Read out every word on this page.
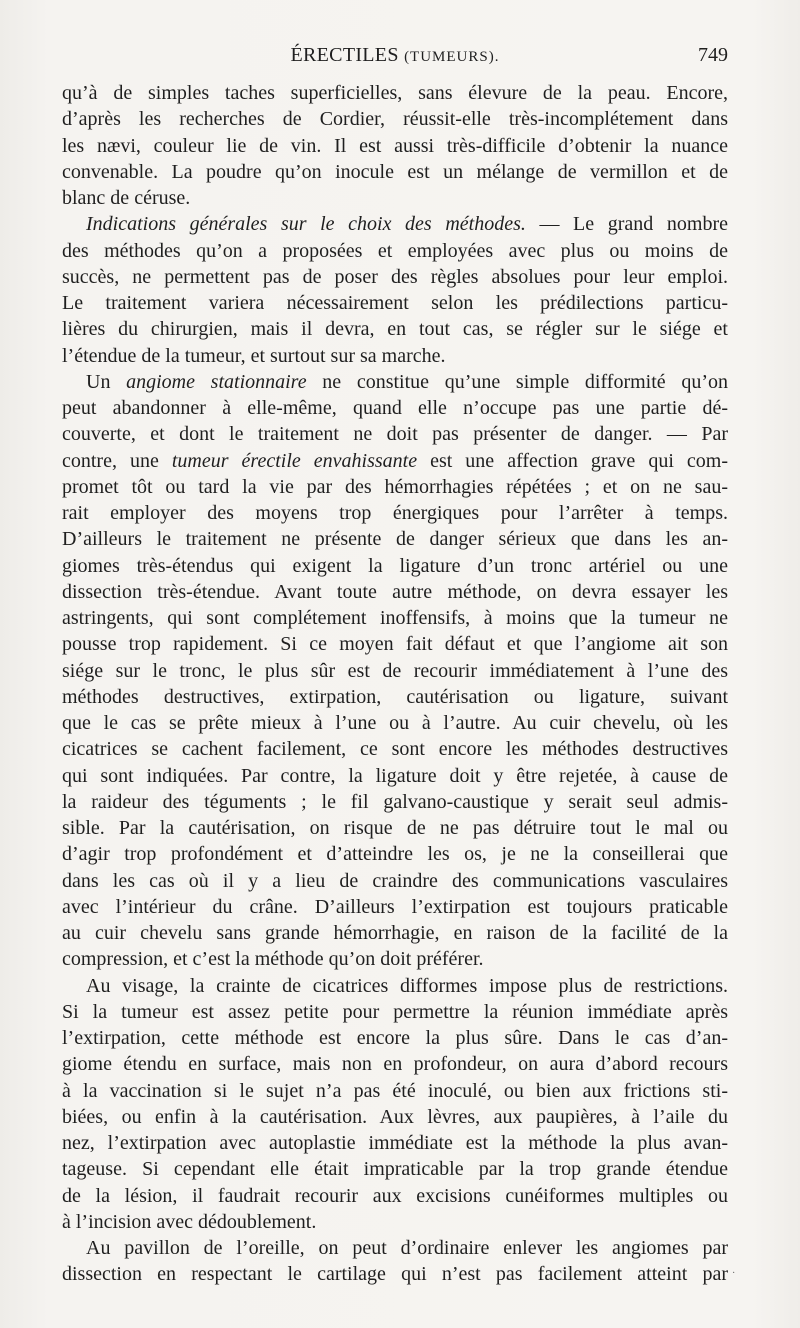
ÉRECTILES (TUMEURS).	749
qu’à de simples taches superficielles, sans élevure de la peau. Encore,
d’après les recherches de Cordier, réussit-elle très-incomplétement dans
les nævi, couleur lie de vin. Il est aussi très-difficile d’obtenir la nuance
convenable. La poudre qu’on inocule est un mélange de vermillon et de
blanc de céruse.
Indications générales sur le choix des méthodes. — Le grand nombre
des méthodes qu’on a proposées et employées avec plus ou moins de
succès, ne permettent pas de poser des règles absolues pour leur emploi.
Le traitement variera nécessairement selon les prédilections particu-
lières du chirurgien, mais il devra, en tout cas, se régler sur le siége et
l’étendue de la tumeur, et surtout sur sa marche.
Un angiome stationnaire ne constitue qu’une simple difformité qu’on
peut abandonner à elle-même, quand elle n’occupe pas une partie dé-
couverte, et dont le traitement ne doit pas présenter de danger. — Par
contre, une tumeur érectile envahissante est une affection grave qui com-
promet tôt ou tard la vie par des hémorrhagies répétées ; et on ne sau-
rait employer des moyens trop énergiques pour l’arrêter à temps.
D’ailleurs le traitement ne présente de danger sérieux que dans les an-
giomes très-étendus qui exigent la ligature d’un tronc artériel ou une
dissection très-étendue. Avant toute autre méthode, on devra essayer les
astringents, qui sont complétement inoffensifs, à moins que la tumeur ne
pousse trop rapidement. Si ce moyen fait défaut et que l’angiome ait son
siége sur le tronc, le plus sûr est de recourir immédiatement à l’une des
méthodes destructives, extirpation, cautérisation ou ligature, suivant
que le cas se prête mieux à l’une ou à l’autre. Au cuir chevelu, où les
cicatrices se cachent facilement, ce sont encore les méthodes destructives
qui sont indiquées. Par contre, la ligature doit y être rejetée, à cause de
la raideur des téguments ; le fil galvano-caustique y serait seul admis-
sible. Par la cautérisation, on risque de ne pas détruire tout le mal ou
d’agir trop profondément et d’atteindre les os, je ne la conseillerai que
dans les cas où il y a lieu de craindre des communications vasculaires
avec l’intérieur du crâne. D’ailleurs l’extirpation est toujours praticable
au cuir chevelu sans grande hémorrhagie, en raison de la facilité de la
compression, et c’est la méthode qu’on doit préférer.
Au visage, la crainte de cicatrices difformes impose plus de restrictions.
Si la tumeur est assez petite pour permettre la réunion immédiate après
l’extirpation, cette méthode est encore la plus sûre. Dans le cas d’an-
giome étendu en surface, mais non en profondeur, on aura d’abord recours
à la vaccination si le sujet n’a pas été inoculé, ou bien aux frictions sti-
biées, ou enfin à la cautérisation. Aux lèvres, aux paupières, à l’aile du
nez, l’extirpation avec autoplastie immédiate est la méthode la plus avan-
tageuse. Si cependant elle était impraticable par la trop grande étendue
de la lésion, il faudrait recourir aux excisions cunéiformes multiples ou
à l’incision avec dédoublement.
Au pavillon de l’oreille, on peut d’ordinaire enlever les angiomes par
dissection en respectant le cartilage qui n’est pas facilement atteint par ·
